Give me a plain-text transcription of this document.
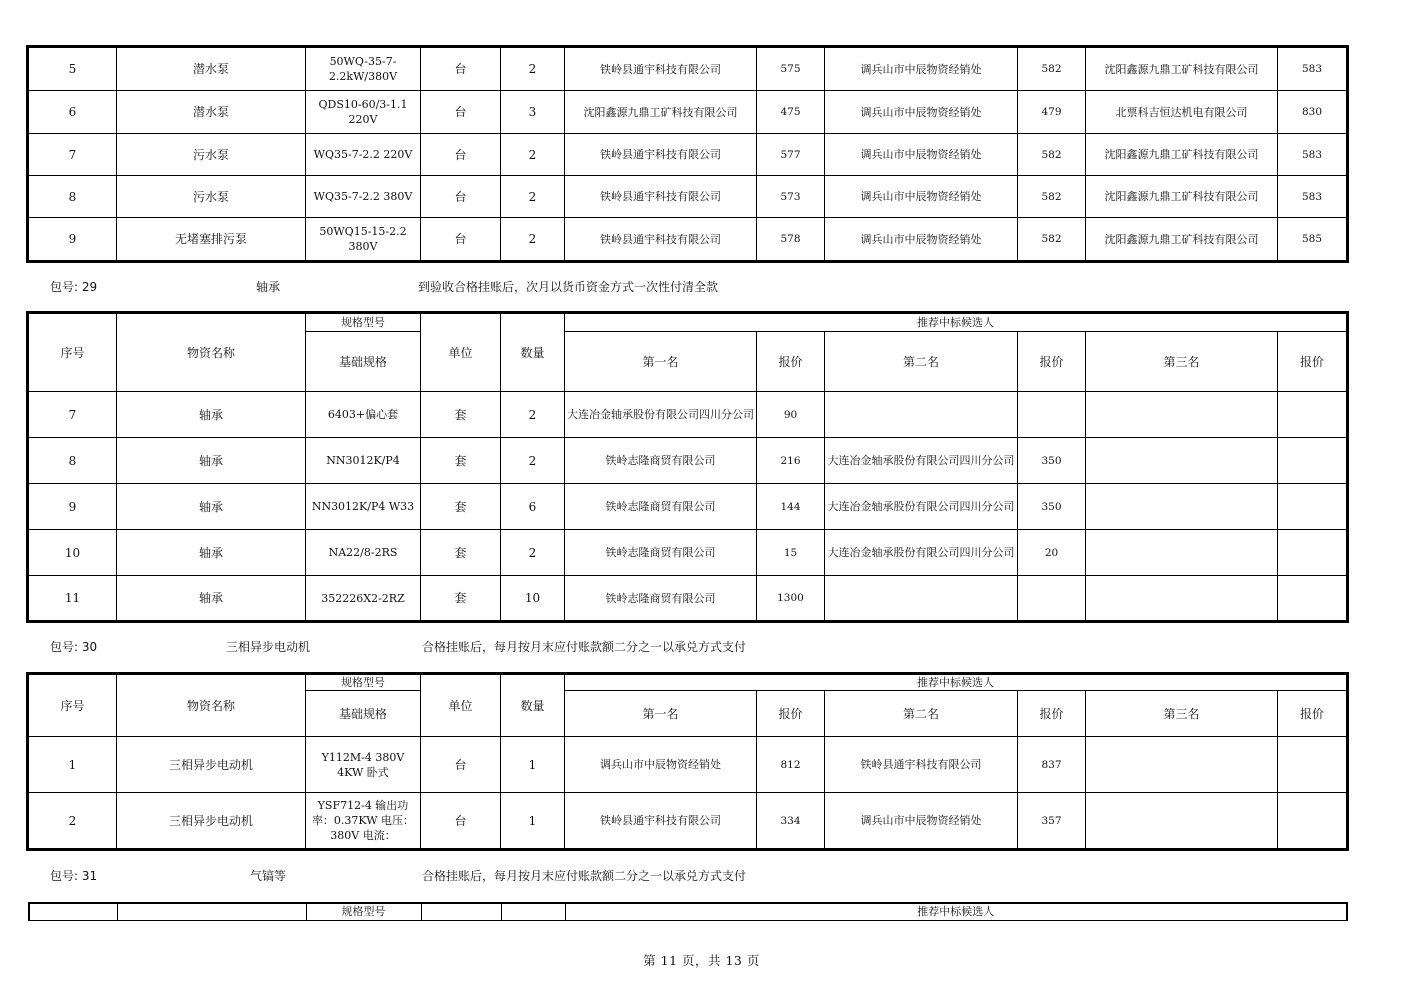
5	潜水泵	50WQ-35-7-2.2kW/380V	台	2	铁岭县通宇科技有限公司	575	调兵山市中辰物资经销处	582	沈阳鑫源九鼎工矿科技有限公司	583
6	潜水泵	QDS10-60/3-1.1 220V	台	3	沈阳鑫源九鼎工矿科技有限公司	475	调兵山市中辰物资经销处	479	北票科吉恒达机电有限公司	830
7	污水泵	WQ35-7-2.2 220V	台	2	铁岭县通宇科技有限公司	577	调兵山市中辰物资经销处	582	沈阳鑫源九鼎工矿科技有限公司	583
8	污水泵	WQ35-7-2.2 380V	台	2	铁岭县通宇科技有限公司	573	调兵山市中辰物资经销处	582	沈阳鑫源九鼎工矿科技有限公司	583
9	无堵塞排污泵	50WQ15-15-2.2 380V	台	2	铁岭县通宇科技有限公司	578	调兵山市中辰物资经销处	582	沈阳鑫源九鼎工矿科技有限公司	585
包号: 29	轴承	到验收合格挂账后，次月以货币资金方式一次性付清全款
序号	物资名称	规格型号	单位	数量	推荐中标候选人					
		基础规格			第一名	报价	第二名	报价	第三名	报价
7	轴承	6403+偏心套	套	2	大连冶金轴承股份有限公司四川分公司	90				
8	轴承	NN3012K/P4	套	2	铁岭志隆商贸有限公司	216	大连冶金轴承股份有限公司四川分公司	350		
9	轴承	NN3012K/P4 W33	套	6	铁岭志隆商贸有限公司	144	大连冶金轴承股份有限公司四川分公司	350		
10	轴承	NA22/8-2RS	套	2	铁岭志隆商贸有限公司	15	大连冶金轴承股份有限公司四川分公司	20		
11	轴承	352226X2-2RZ	套	10	铁岭志隆商贸有限公司	1300				
包号: 30	三相异步电动机	合格挂账后，每月按月末应付账款额二分之一以承兑方式支付
序号	物资名称	规格型号	单位	数量	推荐中标候选人					
		基础规格			第一名	报价	第二名	报价	第三名	报价
1	三相异步电动机	Y112M-4 380V 4KW 卧式	台	1	调兵山市中辰物资经销处	812	铁岭县通宇科技有限公司	837		
2	三相异步电动机	YSF712-4 输出功率：0.37KW 电压：380V 电流：	台	1	铁岭县通宇科技有限公司	334	调兵山市中辰物资经销处	357		
包号: 31	气镐等	合格挂账后，每月按月末应付账款额二分之一以承兑方式支付
		规格型号			推荐中标候选人					

第 11 页，共 13 页
